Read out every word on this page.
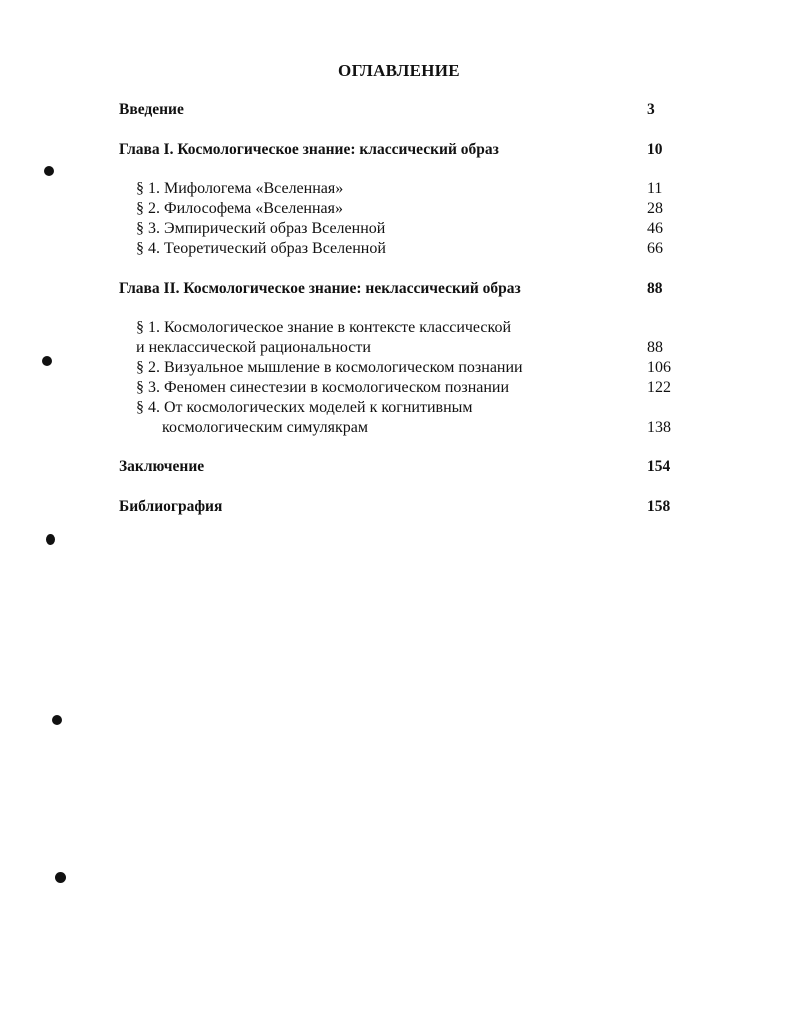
ОГЛАВЛЕНИЕ
Введение	3
Глава I. Космологическое знание: классический образ	10
§ 1. Мифологема «Вселенная»	11
§ 2. Философема «Вселенная»	28
§ 3. Эмпирический образ Вселенной	46
§ 4. Теоретический образ Вселенной	66
Глава II. Космологическое знание: неклассический образ	88
§ 1. Космологическое знание в контексте классической
и неклассической рациональности	88
§ 2. Визуальное мышление в космологическом познании	106
§ 3. Феномен синестезии в космологическом познании	122
§ 4. От космологических моделей к когнитивным
космологическим симулякрам	138
Заключение	154
Библиография	158
